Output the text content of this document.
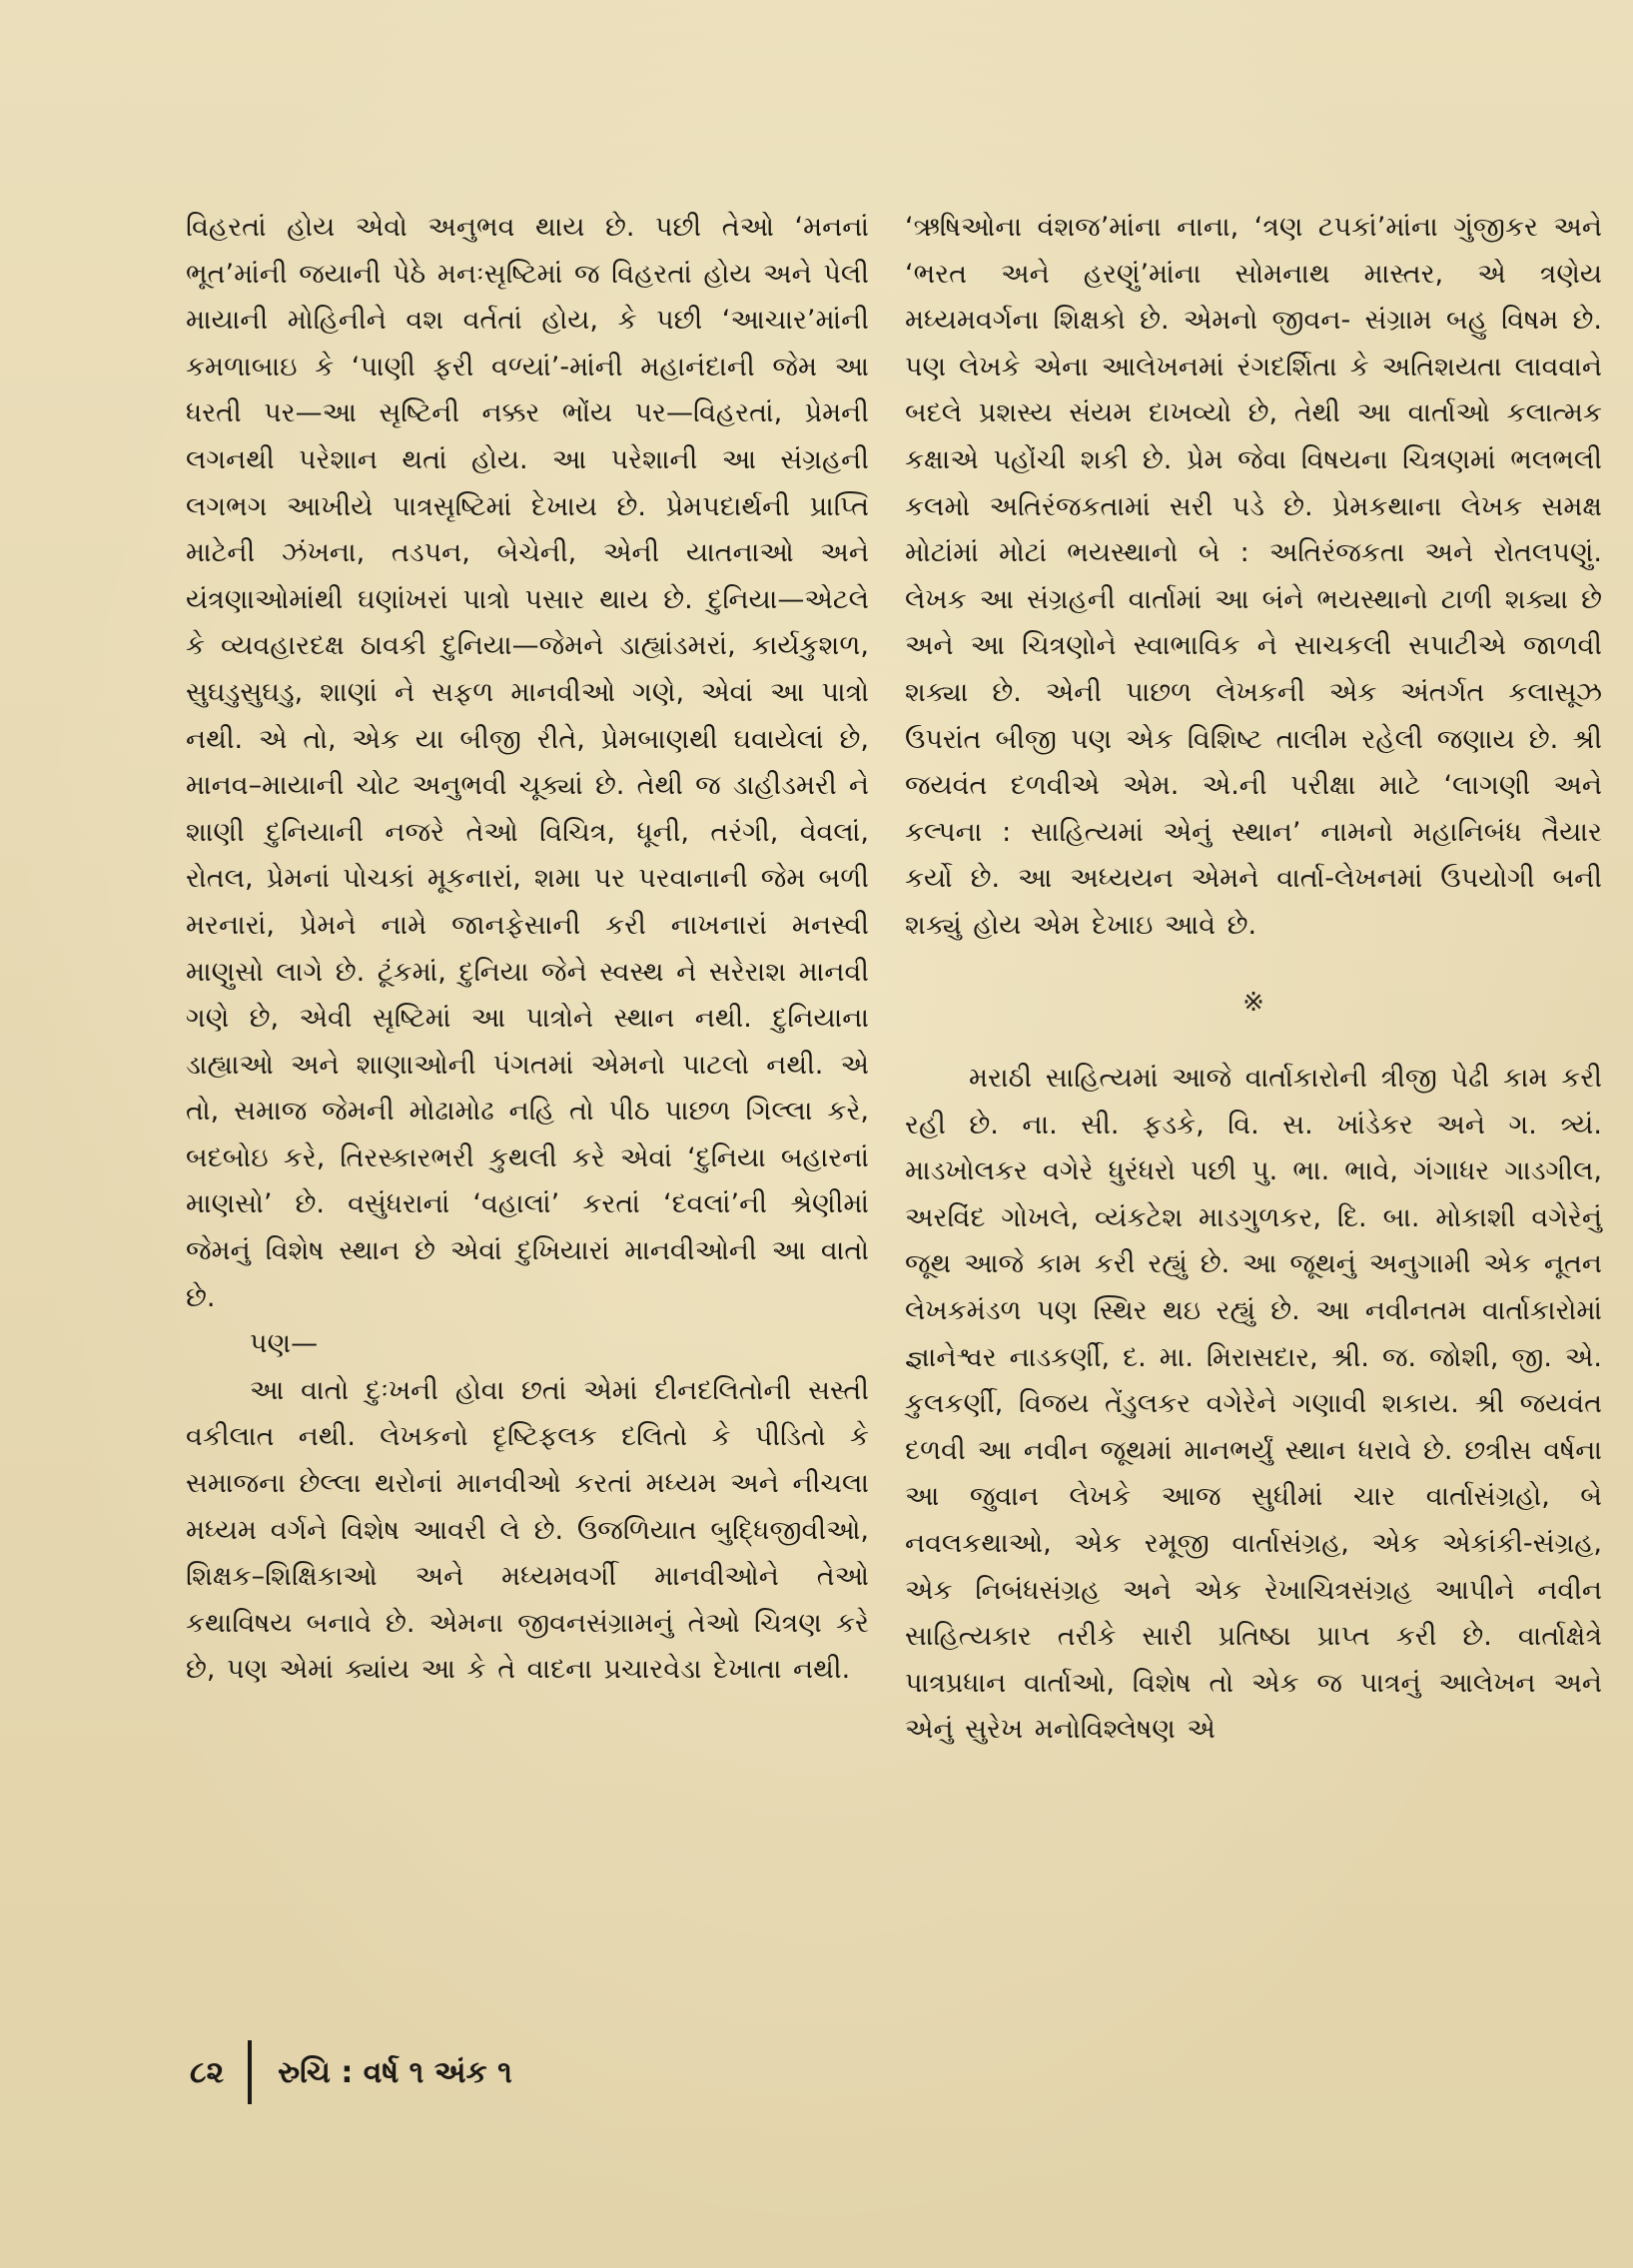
વિહરતાં હોય એવો અનુભવ થાય છે. પછી તેઓ ‘મનનાં ભૂત’માંની જયાની પેઠે મનઃસૃષ્ટિમાં જ વિહરતાં હોય અને પેલી માયાની મોહિનીને વશ વર્તતાં હોય, કે પછી ‘આચાર’માંની કમળાબાઇ કે ‘પાણી ફરી વળ્યાં’-માંની મહાનંદાની જેમ આ ધરતી પર—આ સૃષ્ટિની નક્કર ભોંય પર—વિહરતાં, પ્રેમની લગનથી પરેશાન થતાં હોય. આ પરેશાની આ સંગ્રહની લગભગ આખીયે પાત્રસૃષ્ટિમાં દેખાય છે. પ્રેમપદાર્થની પ્રાપ્તિ માટેની ઝંખના, તડપન, બેચેની, એની યાતનાઓ અને યંત્રણાઓમાંથી ઘણાંખરાં પાત્રો પસાર થાય છે. દુનિયા—એટલે કે વ્યવહારદક્ષ ઠાવકી દુનિયા—જેમને ડાહ્યાંડમરાં, કાર્યકુશળ, સુઘડુસુઘડુ, શાણાં ને સફળ માનવીઓ ગણે, એવાં આ પાત્રો નથી. એ તો, એક યા બીજી રીતે, પ્રેમબાણથી ઘવાયેલાં છે, માનવ–માયાની ચોટ અનુભવી ચૂક્યાં છે. તેથી જ ડાહીડમરી ને શાણી દુનિયાની નજરે તેઓ વિચિત્ર, ધૂની, તરંગી, વેવલાં, રોતલ, પ્રેમનાં પોચકાં મૂકનારાં, શમા પર પરવાનાની જેમ બળી મરનારાં, પ્રેમને નામે જાનફેસાની કરી નાખનારાં મનસ્વી માણુસો લાગે છે. ટૂંકમાં, દુનિયા જેને સ્વસ્થ ને સરેરાશ માનવી ગણે છે, એવી સૃષ્ટિમાં આ પાત્રોને સ્થાન નથી. દુનિયાના ડાહ્યાઓ અને શાણાઓની પંગતમાં એમનો પાટલો નથી. એ તો, સમાજ જેમની મોઢામોઢ નહિ તો પીઠ પાછળ ગિલ્લા કરે, બદબોઇ કરે, તિરસ્કારભરી કુથલી કરે એવાં ‘દુનિયા બહારનાં માણસો’ છે. વસુંધરાનાં ‘વહાલાં’ કરતાં ‘દવલાં’ની શ્રેણીમાં જેમનું વિશેષ સ્થાન છે એવાં દુખિયારાં માનવીઓની આ વાતો છે.

પણ—

આ વાતો દુઃખની હોવા છતાં એમાં દીનદલિતોની સસ્તી વકીલાત નથી. લેખકનો દૃષ્ટિફલક દલિતો કે પીડિતો કે સમાજના છેલ્લા થરોનાં માનવીઓ કરતાં મધ્યમ અને નીચલા મધ્યમ વર્ગને વિશેષ આવરી લે છે. ઉજળિયાત બુદ્ધિજીવીઓ, શિક્ષક–શિક્ષિકાઓ અને મધ્યમવર્ગી માનવીઓને તેઓ કથાવિષય બનાવે છે. એમના જીવનસંગ્રામનું તેઓ ચિત્રણ કરે છે, પણ એમાં ક્યાંય આ કે તે વાદના પ્રચારવેડા દેખાતા નથી.

‘ઋષિઓના વંશજ’માંના નાના, ‘ત્રણ ટપકાં’માંના ગુંજીકર અને ‘ભરત અને હરણું’માંના સોમનાથ માસ્તર, એ ત્રણેય મધ્યમવર્ગના શિક્ષકો છે. એમનો જીવન- સંગ્રામ બહુ વિષમ છે. પણ લેખકે એના આલેખનમાં રંગદર્શિતા કે અતિશયતા લાવવાને બદલે પ્રશસ્ય સંયમ દાખવ્યો છે, તેથી આ વાર્તાઓ કલાત્મક કક્ષાએ પહોંચી શકી છે. પ્રેમ જેવા વિષયના ચિત્રણમાં ભલભલી કલમો અતિરંજકતામાં સરી પડે છે. પ્રેમકથાના લેખક સમક્ષ મોટાંમાં મોટાં ભયસ્થાનો બે : અતિરંજકતા અને રોતલપણું. લેખક આ સંગ્રહની વાર્તામાં આ બંને ભયસ્થાનો ટાળી શક્યા છે અને આ ચિત્રણોને સ્વાભાવિક ને સાચકલી સપાટીએ જાળવી શક્યા છે. એની પાછળ લેખકની એક અંતર્ગત કલાસૂઝ ઉપરાંત બીજી પણ એક વિશિષ્ટ તાલીમ રહેલી જણાય છે. શ્રી જયવંત દળવીએ એમ. એ.ની પરીક્ષા માટે ‘લાગણી અને કલ્પના : સાહિત્યમાં એનું સ્થાન’ નામનો મહાનિબંધ તૈયાર કર્યો છે. આ અધ્યયન એમને વાર્તા-લેખનમાં ઉપયોગી બની શક્યું હોય એમ દેખાઇ આવે છે.

※

મરાઠી સાહિત્યમાં આજે વાર્તાકારોની ત્રીજી પેઢી કામ કરી રહી છે. ના. સી. ફડકે, વિ. સ. ખાંડેકર અને ગ. ત્ર્યં. માડખોલકર વગેરે ધુરંધરો પછી પુ. ભા. ભાવે, ગંગાધર ગાડગીલ, અરવિંદ ગોખલે, વ્યંકટેશ માડગુળકર, દિ. બા. મોકાશી વગેરેનું જૂથ આજે કામ કરી રહ્યું છે. આ જૂથનું અનુગામી એક નૂતન લેખકમંડળ પણ સ્થિર થઇ રહ્યું છે. આ નવીનતમ વાર્તાકારોમાં જ્ઞાનેશ્વર નાડકર્ણી, દ. મા. મિરાસદાર, શ્રી. જ. જોશી, જી. એ. કુલકર્ણી, વિજય તેંડુલકર વગેરેને ગણાવી શકાય. શ્રી જયવંત દળવી આ નવીન જૂથમાં માનભર્યું સ્થાન ધરાવે છે. છત્રીસ વર્ષના આ જુવાન લેખકે આજ સુધીમાં ચાર વાર્તાસંગ્રહો, બે નવલકથાઓ, એક રમૂજી વાર્તાસંગ્રહ, એક એકાંકી-સંગ્રહ, એક નિબંધસંગ્રહ અને એક રેખાચિત્રસંગ્રહ આપીને નવીન સાહિત્યકાર તરીકે સારી પ્રતિષ્ઠા પ્રાપ્ત કરી છે. વાર્તાક્ષેત્રે પાત્રપ્રધાન વાર્તાઓ, વિશેષ તો એક જ પાત્રનું આલેખન અને એનું સુરેખ મનોવિશ્લેષણ એ

૮૨ રુચિ : વર્ષ ૧ અંક ૧
